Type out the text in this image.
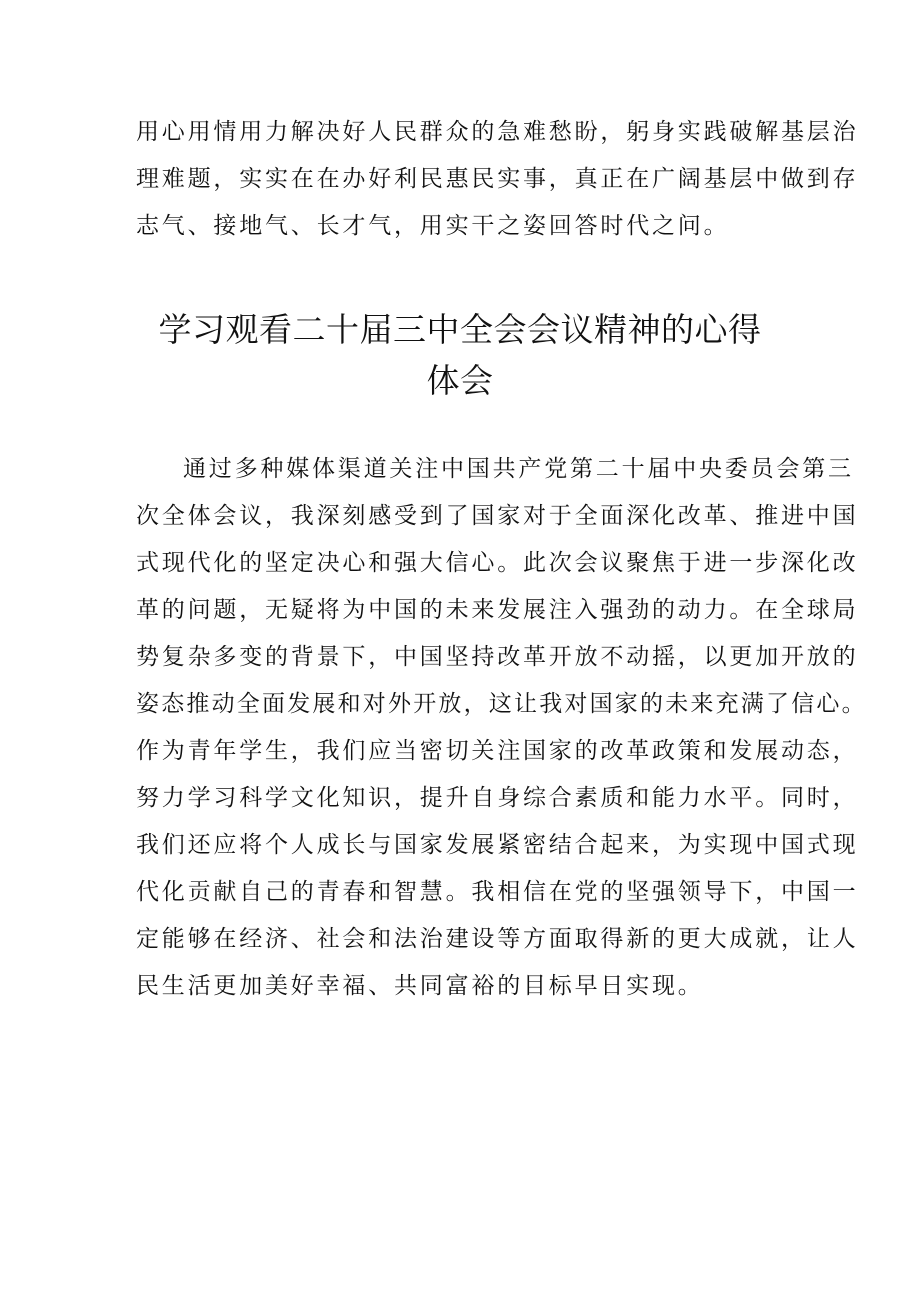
用心用情用力解决好人民群众的急难愁盼，躬身实践破解基层治
理难题，实实在在办好利民惠民实事，真正在广阔基层中做到存
志气、接地气、长才气，用实干之姿回答时代之问。
学习观看二十届三中全会会议精神的心得
体会
通过多种媒体渠道关注中国共产党第二十届中央委员会第三
次全体会议，我深刻感受到了国家对于全面深化改革、推进中国
式现代化的坚定决心和强大信心。此次会议聚焦于进一步深化改
革的问题，无疑将为中国的未来发展注入强劲的动力。在全球局
势复杂多变的背景下，中国坚持改革开放不动摇，以更加开放的
姿态推动全面发展和对外开放，这让我对国家的未来充满了信心。
作为青年学生，我们应当密切关注国家的改革政策和发展动态，
努力学习科学文化知识，提升自身综合素质和能力水平。同时，
我们还应将个人成长与国家发展紧密结合起来，为实现中国式现
代化贡献自己的青春和智慧。我相信在党的坚强领导下，中国一
定能够在经济、社会和法治建设等方面取得新的更大成就，让人
民生活更加美好幸福、共同富裕的目标早日实现。
